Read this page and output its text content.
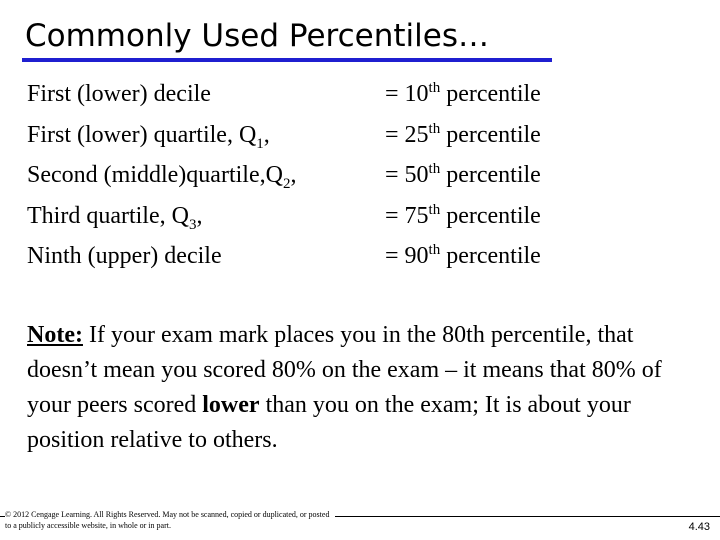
Commonly Used Percentiles…
First (lower) decile	= 10th percentile
First (lower) quartile, $Q_1$,	= 25th percentile
Second $(middle)quartile,Q_2$,	= 50th percentile
Third quartile, $Q_3$,	= 75th percentile
Ninth (upper) decile	= 90th percentile
Note: If your exam mark places you in the 80th percentile, that doesn’t mean you scored 80% on the exam – it means that 80% of your peers scored lower than you on the exam; It is about your position relative to others.
© 2012 Cengage Learning. All Rights Reserved. May not be scanned, copied or duplicated, or posted to a publicly accessible website, in whole or in part.	4.43
